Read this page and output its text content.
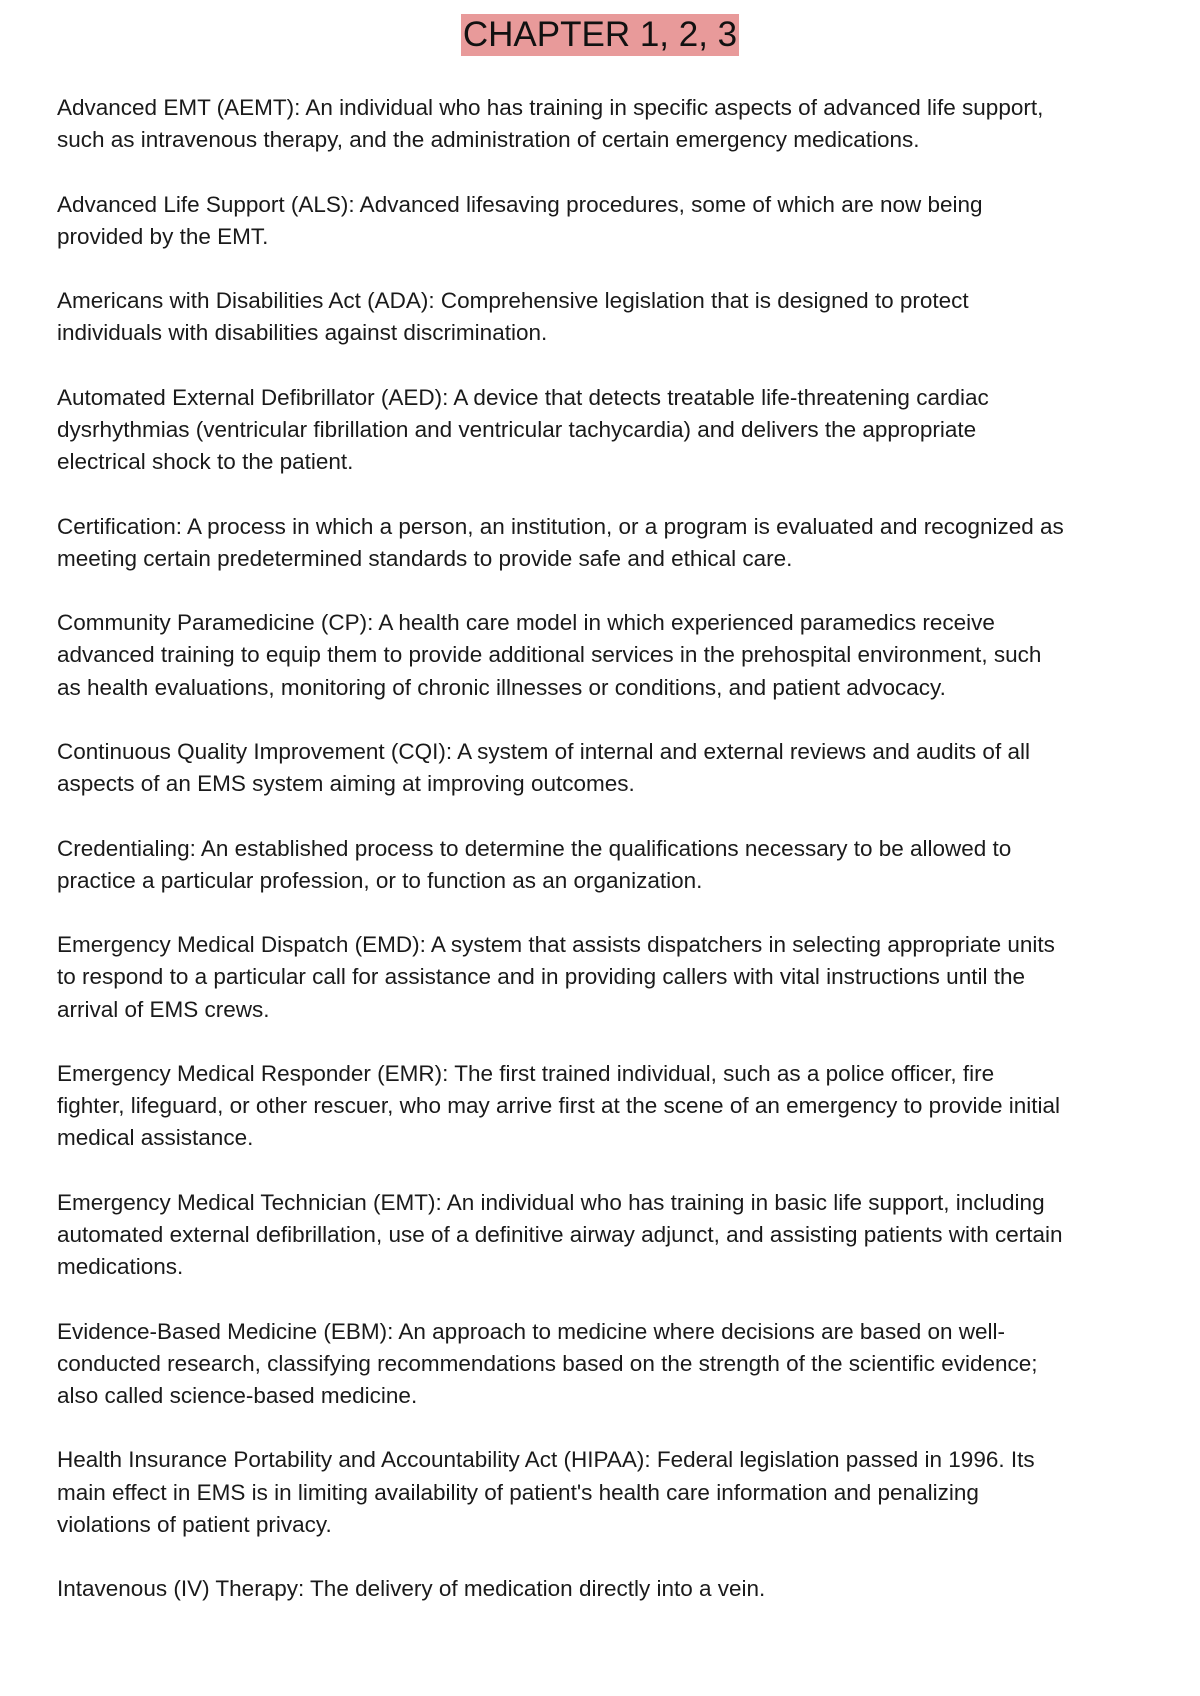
CHAPTER 1, 2, 3

Advanced EMT (AEMT): An individual who has training in specific aspects of advanced life support,
such as intravenous therapy, and the administration of certain emergency medications.

Advanced Life Support (ALS): Advanced lifesaving procedures, some of which are now being
provided by the EMT.

Americans with Disabilities Act (ADA): Comprehensive legislation that is designed to protect
individuals with disabilities against discrimination.

Automated External Defibrillator (AED): A device that detects treatable life-threatening cardiac
dysrhythmias (ventricular fibrillation and ventricular tachycardia) and delivers the appropriate
electrical shock to the patient.

Certification: A process in which a person, an institution, or a program is evaluated and recognized as
meeting certain predetermined standards to provide safe and ethical care.

Community Paramedicine (CP): A health care model in which experienced paramedics receive
advanced training to equip them to provide additional services in the prehospital environment, such
as health evaluations, monitoring of chronic illnesses or conditions, and patient advocacy.

Continuous Quality Improvement (CQI): A system of internal and external reviews and audits of all
aspects of an EMS system aiming at improving outcomes.

Credentialing: An established process to determine the qualifications necessary to be allowed to
practice a particular profession, or to function as an organization.

Emergency Medical Dispatch (EMD): A system that assists dispatchers in selecting appropriate units
to respond to a particular call for assistance and in providing callers with vital instructions until the
arrival of EMS crews.

Emergency Medical Responder (EMR): The first trained individual, such as a police officer, fire
fighter, lifeguard, or other rescuer, who may arrive first at the scene of an emergency to provide initial
medical assistance.

Emergency Medical Technician (EMT): An individual who has training in basic life support, including
automated external defibrillation, use of a definitive airway adjunct, and assisting patients with certain
medications.

Evidence-Based Medicine (EBM): An approach to medicine where decisions are based on well-
conducted research, classifying recommendations based on the strength of the scientific evidence;
also called science-based medicine.

Health Insurance Portability and Accountability Act (HIPAA): Federal legislation passed in 1996. Its
main effect in EMS is in limiting availability of patient's health care information and penalizing
violations of patient privacy.

Intavenous (IV) Therapy: The delivery of medication directly into a vein.
